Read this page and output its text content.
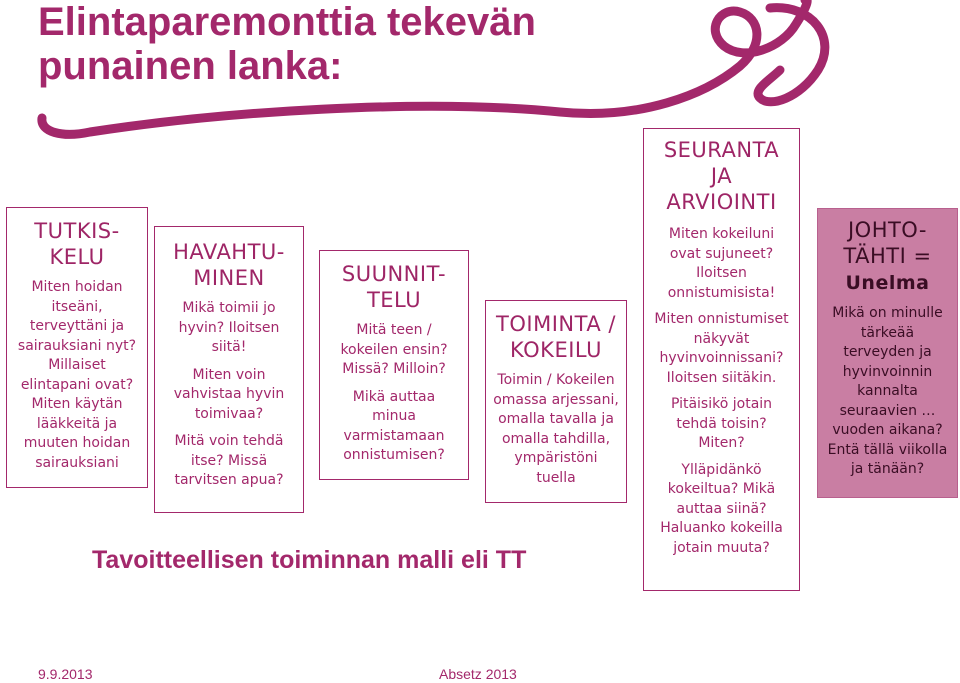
Elintaparemonttia tekevän
punainen lanka:
TUTKIS-
KELU

Miten hoidan

itseäni,

terveyttäni ja

sairauksiani nyt?

Millaiset

elintapani ovat?

Miten käytän

lääkkeitä ja

muuten hoidan

sairauksiani

HAVAHTU-
MINEN

Mikä toimii jo

hyvin? Iloitsen

siitä!

Miten voin

vahvistaa hyvin

toimivaa?

Mitä voin tehdä

itse? Missä

tarvitsen apua?

SUUNNIT-
TELU

Mitä teen /

kokeilen ensin?

Missä? Milloin?

Mikä auttaa

minua

varmistamaan

onnistumisen?

TOIMINTA /
KOKEILU

Toimin / Kokeilen

omassa arjessani,

omalla tavalla ja

omalla tahdilla,

ympäristöni

tuella

SEURANTA
JA
ARVIOINTI

Miten kokeiluni
ovat sujuneet?
Iloitsen
onnistumisista!

Miten onnistumiset
näkyvät
hyvinvoinnissani?
Iloitsen siitäkin.

Pitäisikö jotain
tehdä toisin?
Miten?

Ylläpidänkö
kokeiltua? Mikä
auttaa siinä?
Haluanko kokeilla
jotain muuta?

JOHTO-
TÄHTI =
Unelma

Mikä on minulle

tärkeää

terveyden ja

hyvinvoinnin

kannalta

seuraavien …

vuoden aikana?

Entä tällä viikolla

ja tänään?

Tavoitteellisen toiminnan malli eli TT
9.9.2013	Absetz 2013
